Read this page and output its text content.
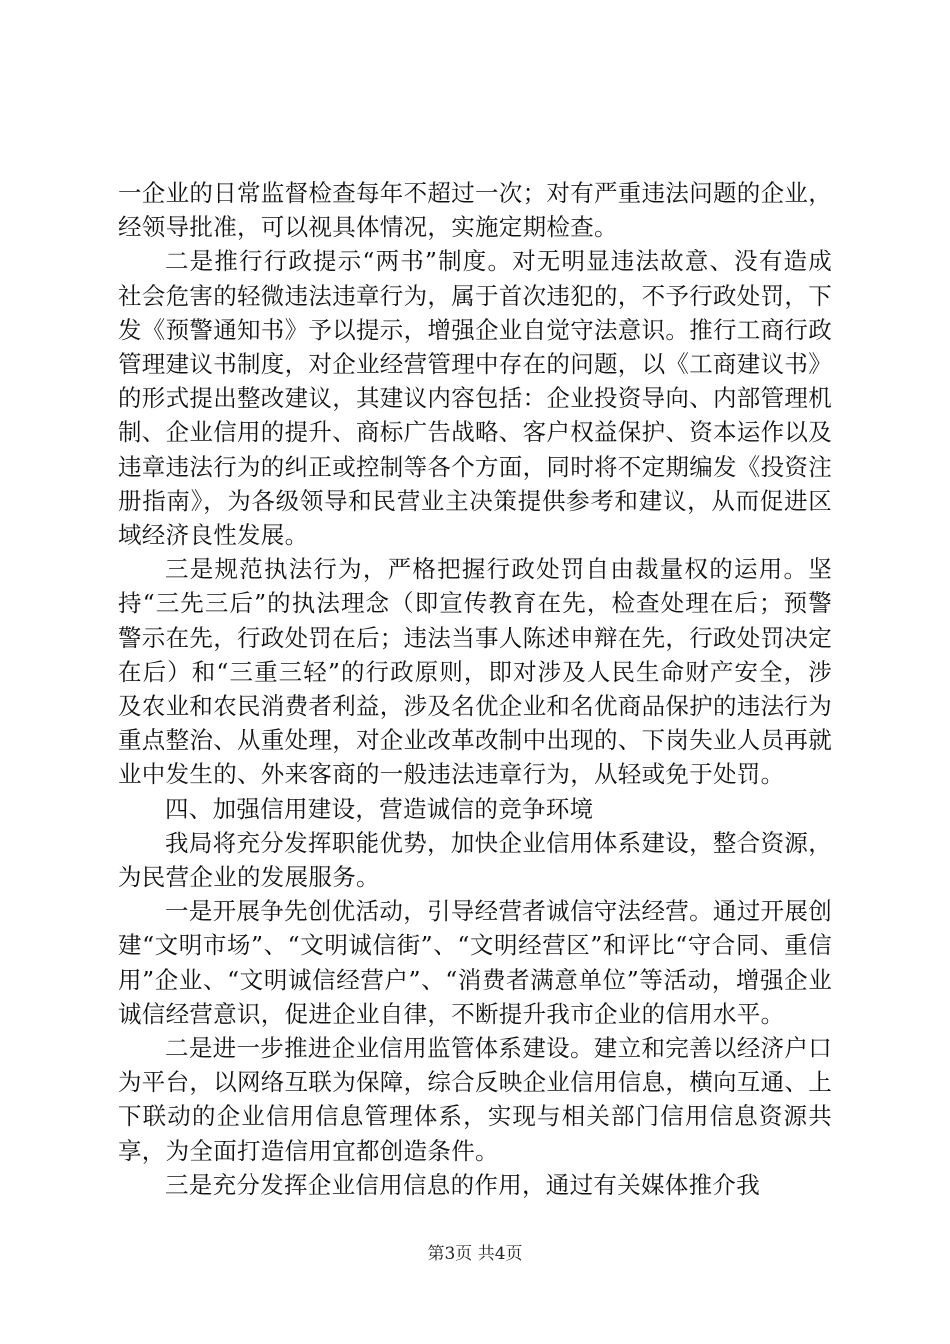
一企业的日常监督检查每年不超过一次；对有严重违法问题的企业，经领导批准，可以视具体情况，实施定期检查。

二是推行行政提示“两书”制度。对无明显违法故意、没有造成社会危害的轻微违法违章行为，属于首次违犯的，不予行政处罚，下发《预警通知书》予以提示，增强企业自觉守法意识。推行工商行政管理建议书制度，对企业经营管理中存在的问题，以《工商建议书》的形式提出整改建议，其建议内容包括：企业投资导向、内部管理机制、企业信用的提升、商标广告战略、客户权益保护、资本运作以及违章违法行为的纠正或控制等各个方面，同时将不定期编发《投资注册指南》，为各级领导和民营业主决策提供参考和建议，从而促进区域经济良性发展。

三是规范执法行为，严格把握行政处罚自由裁量权的运用。坚持“三先三后”的执法理念（即宣传教育在先，检查处理在后；预警警示在先，行政处罚在后；违法当事人陈述申辩在先，行政处罚决定在后）和“三重三轻”的行政原则，即对涉及人民生命财产安全，涉及农业和农民消费者利益，涉及名优企业和名优商品保护的违法行为重点整治、从重处理，对企业改革改制中出现的、下岗失业人员再就业中发生的、外来客商的一般违法违章行为，从轻或免于处罚。

四、加强信用建设，营造诚信的竞争环境

我局将充分发挥职能优势，加快企业信用体系建设，整合资源，为民营企业的发展服务。

一是开展争先创优活动，引导经营者诚信守法经营。通过开展创建“文明市场”、“文明诚信街”、“文明经营区”和评比“守合同、重信用”企业、“文明诚信经营户”、“消费者满意单位”等活动，增强企业诚信经营意识，促进企业自律，不断提升我市企业的信用水平。

二是进一步推进企业信用监管体系建设。建立和完善以经济户口为平台，以网络互联为保障，综合反映企业信用信息，横向互通、上下联动的企业信用信息管理体系，实现与相关部门信用信息资源共享，为全面打造信用宜都创造条件。

三是充分发挥企业信用信息的作用，通过有关媒体推介我

第3页 共4页
